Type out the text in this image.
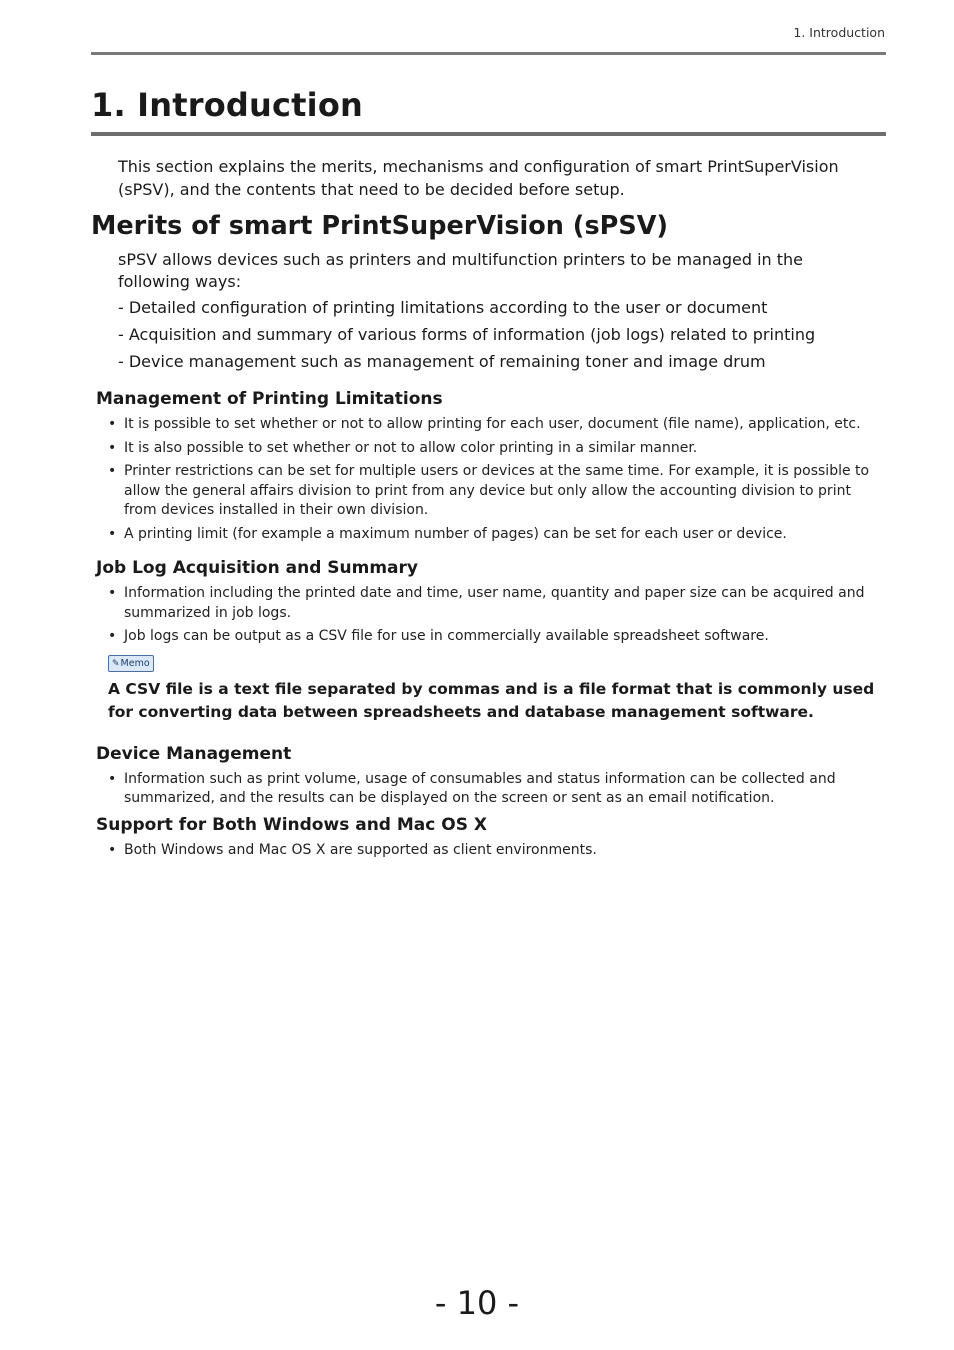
1. Introduction
1. Introduction

This section explains the merits, mechanisms and configuration of smart PrintSuperVision (sPSV), and the contents that need to be decided before setup.

Merits of smart PrintSuperVision (sPSV)

sPSV allows devices such as printers and multifunction printers to be managed in the following ways:

- Detailed configuration of printing limitations according to the user or document
- Acquisition and summary of various forms of information (job logs) related to printing
- Device management such as management of remaining toner and image drum
Management of Printing Limitations
• It is possible to set whether or not to allow printing for each user, document (file name), application, etc.
• It is also possible to set whether or not to allow color printing in a similar manner.
• Printer restrictions can be set for multiple users or devices at the same time. For example, it is possible to allow the general affairs division to print from any device but only allow the accounting division to print from devices installed in their own division.
• A printing limit (for example a maximum number of pages) can be set for each user or device.
Job Log Acquisition and Summary
• Information including the printed date and time, user name, quantity and paper size can be acquired and summarized in job logs.
• Job logs can be output as a CSV file for use in commercially available spreadsheet software.
✎Memo

A CSV file is a text file separated by commas and is a file format that is commonly used for converting data between spreadsheets and database management software.

Device Management
• Information such as print volume, usage of consumables and status information can be collected and summarized, and the results can be displayed on the screen or sent as an email notification.
Support for Both Windows and Mac OS X
• Both Windows and Mac OS X are supported as client environments.
- 10 -
